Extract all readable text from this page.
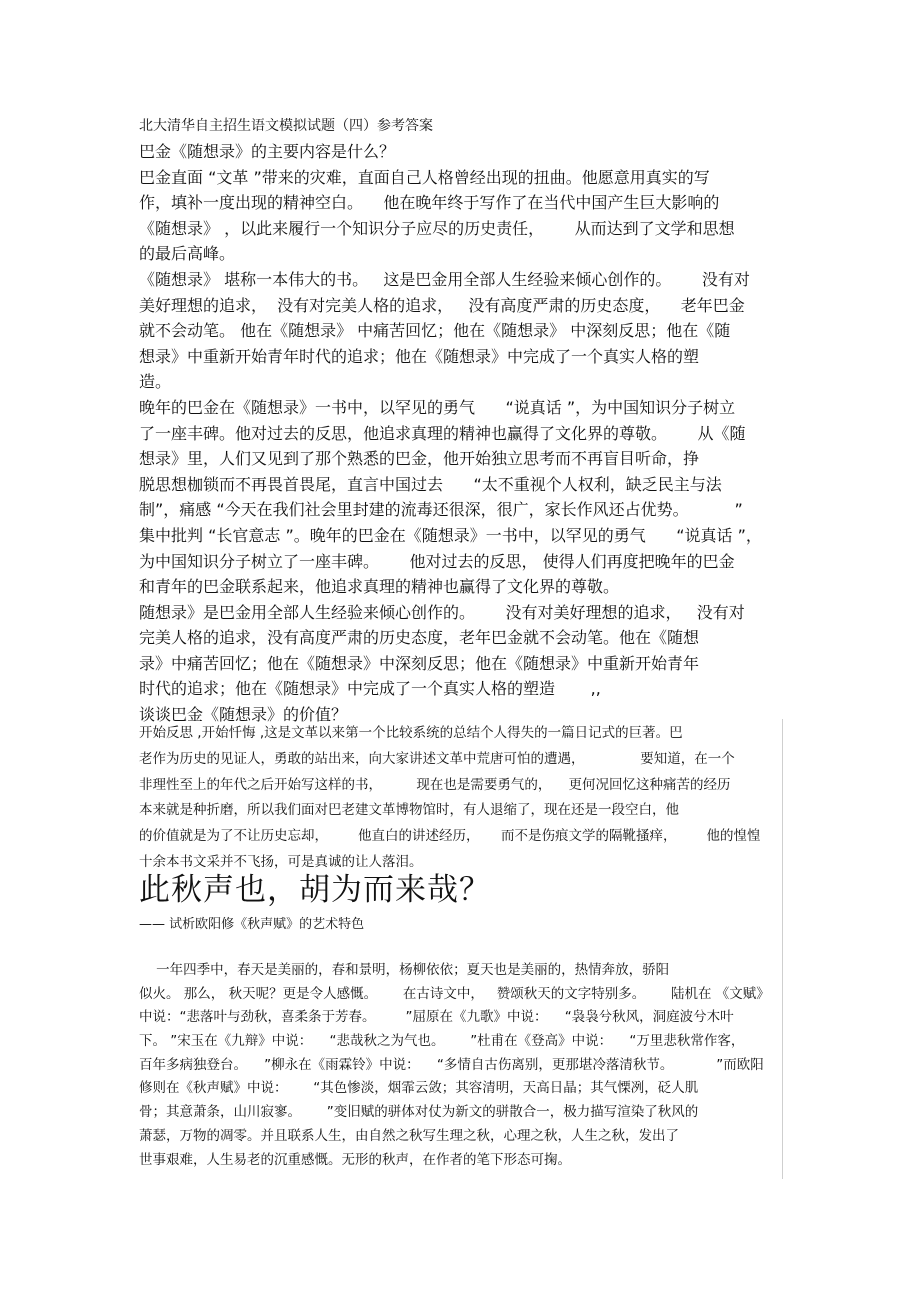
北大清华自主招生语文模拟试题（四）参考答案
巴金《随想录》的主要内容是什么？
巴金直面 “文革 ”带来的灾难，直面自己人格曾经出现的扭曲。他愿意用真实的写
作，填补一度出现的精神空白。    他在晚年终于写作了在当代中国产生巨大影响的
《随想录》 ，以此来履行一个知识分子应尽的历史责任，      从而达到了文学和思想
的最后高峰。
《随想录》 堪称一本伟大的书。   这是巴金用全部人生经验来倾心创作的。      没有对
美好理想的追求，  没有对完美人格的追求，   没有高度严肃的历史态度，    老年巴金
就不会动笔。 他在《随想录》 中痛苦回忆；他在《随想录》 中深刻反思；他在《随
想录》中重新开始青年时代的追求；他在《随想录》中完成了一个真实人格的塑
造。
晚年的巴金在《随想录》一书中，以罕见的勇气      “说真话 ”，为中国知识分子树立
了一座丰碑。他对过去的反思，他追求真理的精神也赢得了文化界的尊敬。      从《随
想录》里，人们又见到了那个熟悉的巴金，他开始独立思考而不再盲目听命，挣
脱思想枷锁而不再畏首畏尾，直言中国过去      “太不重视个人权利，缺乏民主与法
制”，痛感 “今天在我们社会里封建的流毒还很深，很广，家长作风还占优势。         ”
集中批判 “长官意志 ”。晚年的巴金在《随想录》一书中，以罕见的勇气      “说真话 ”，
为中国知识分子树立了一座丰碑。      他对过去的反思， 使得人们再度把晚年的巴金
和青年的巴金联系起来，他追求真理的精神也赢得了文化界的尊敬。
随想录》是巴金用全部人生经验来倾心创作的。      没有对美好理想的追求，   没有对
完美人格的追求，没有高度严肃的历史态度，老年巴金就不会动笔。他在《随想
录》中痛苦回忆；他在《随想录》中深刻反思；他在《随想录》中重新开始青年
时代的追求；他在《随想录》中完成了一个真实人格的塑造       ,,
谈谈巴金《随想录》的价值？
开始反思 ,开始忏悔 ,这是文革以来第一个比较系统的总结个人得失的一篇日记式的巨著。巴
老作为历史的见证人，勇敢的站出来，向大家讲述文革中荒唐可怕的遭遇，             要知道，在一个
非理性至上的年代之后开始写这样的书，        现在也是需要勇气的，    更何况回忆这种痛苦的经历
本来就是种折磨，所以我们面对巴老建文革博物馆时，有人退缩了，现在还是一段空白，他
的价值就是为了不让历史忘却，       他直白的讲述经历，     而不是伤痕文学的隔靴搔痒，       他的惶惶
十余本书文采并不飞扬，可是真诚的让人落泪。
此秋声也，胡为而来哉？
—— 试析欧阳修《秋声赋》的艺术特色
一年四季中，春天是美丽的，春和景明，杨柳依依；夏天也是美丽的，热情奔放，骄阳
似火。 那么， 秋天呢？更是令人感慨。      在古诗文中，   赞颂秋天的文字特别多。      陆机在 《文赋》
中说：“悲落叶与劲秋，喜柔条于芳春。       ”屈原在《九歌》中说：    “袅袅兮秋风，洞庭波兮木叶
下。 ”宋玉在《九辩》中说：    “悲哉秋之为气也。      ”杜甫在《登高》中说：    “万里悲秋常作客，
百年多病独登台。    ”柳永在《雨霖铃》中说：    “多情自古伤离别，更那堪冷落清秋节。          ”而欧阳
修则在《秋声赋》中说：      “其色惨淡，烟霏云敛；其容清明，天高日晶；其气慄冽，砭人肌
骨；其意萧条，山川寂寥。      ”变旧赋的骈体对仗为新文的骈散合一，极力描写渲染了秋风的
萧瑟，万物的凋零。并且联系人生，由自然之秋写生理之秋，心理之秋，人生之秋，发出了
世事艰难，人生易老的沉重感慨。无形的秋声，在作者的笔下形态可掬。
